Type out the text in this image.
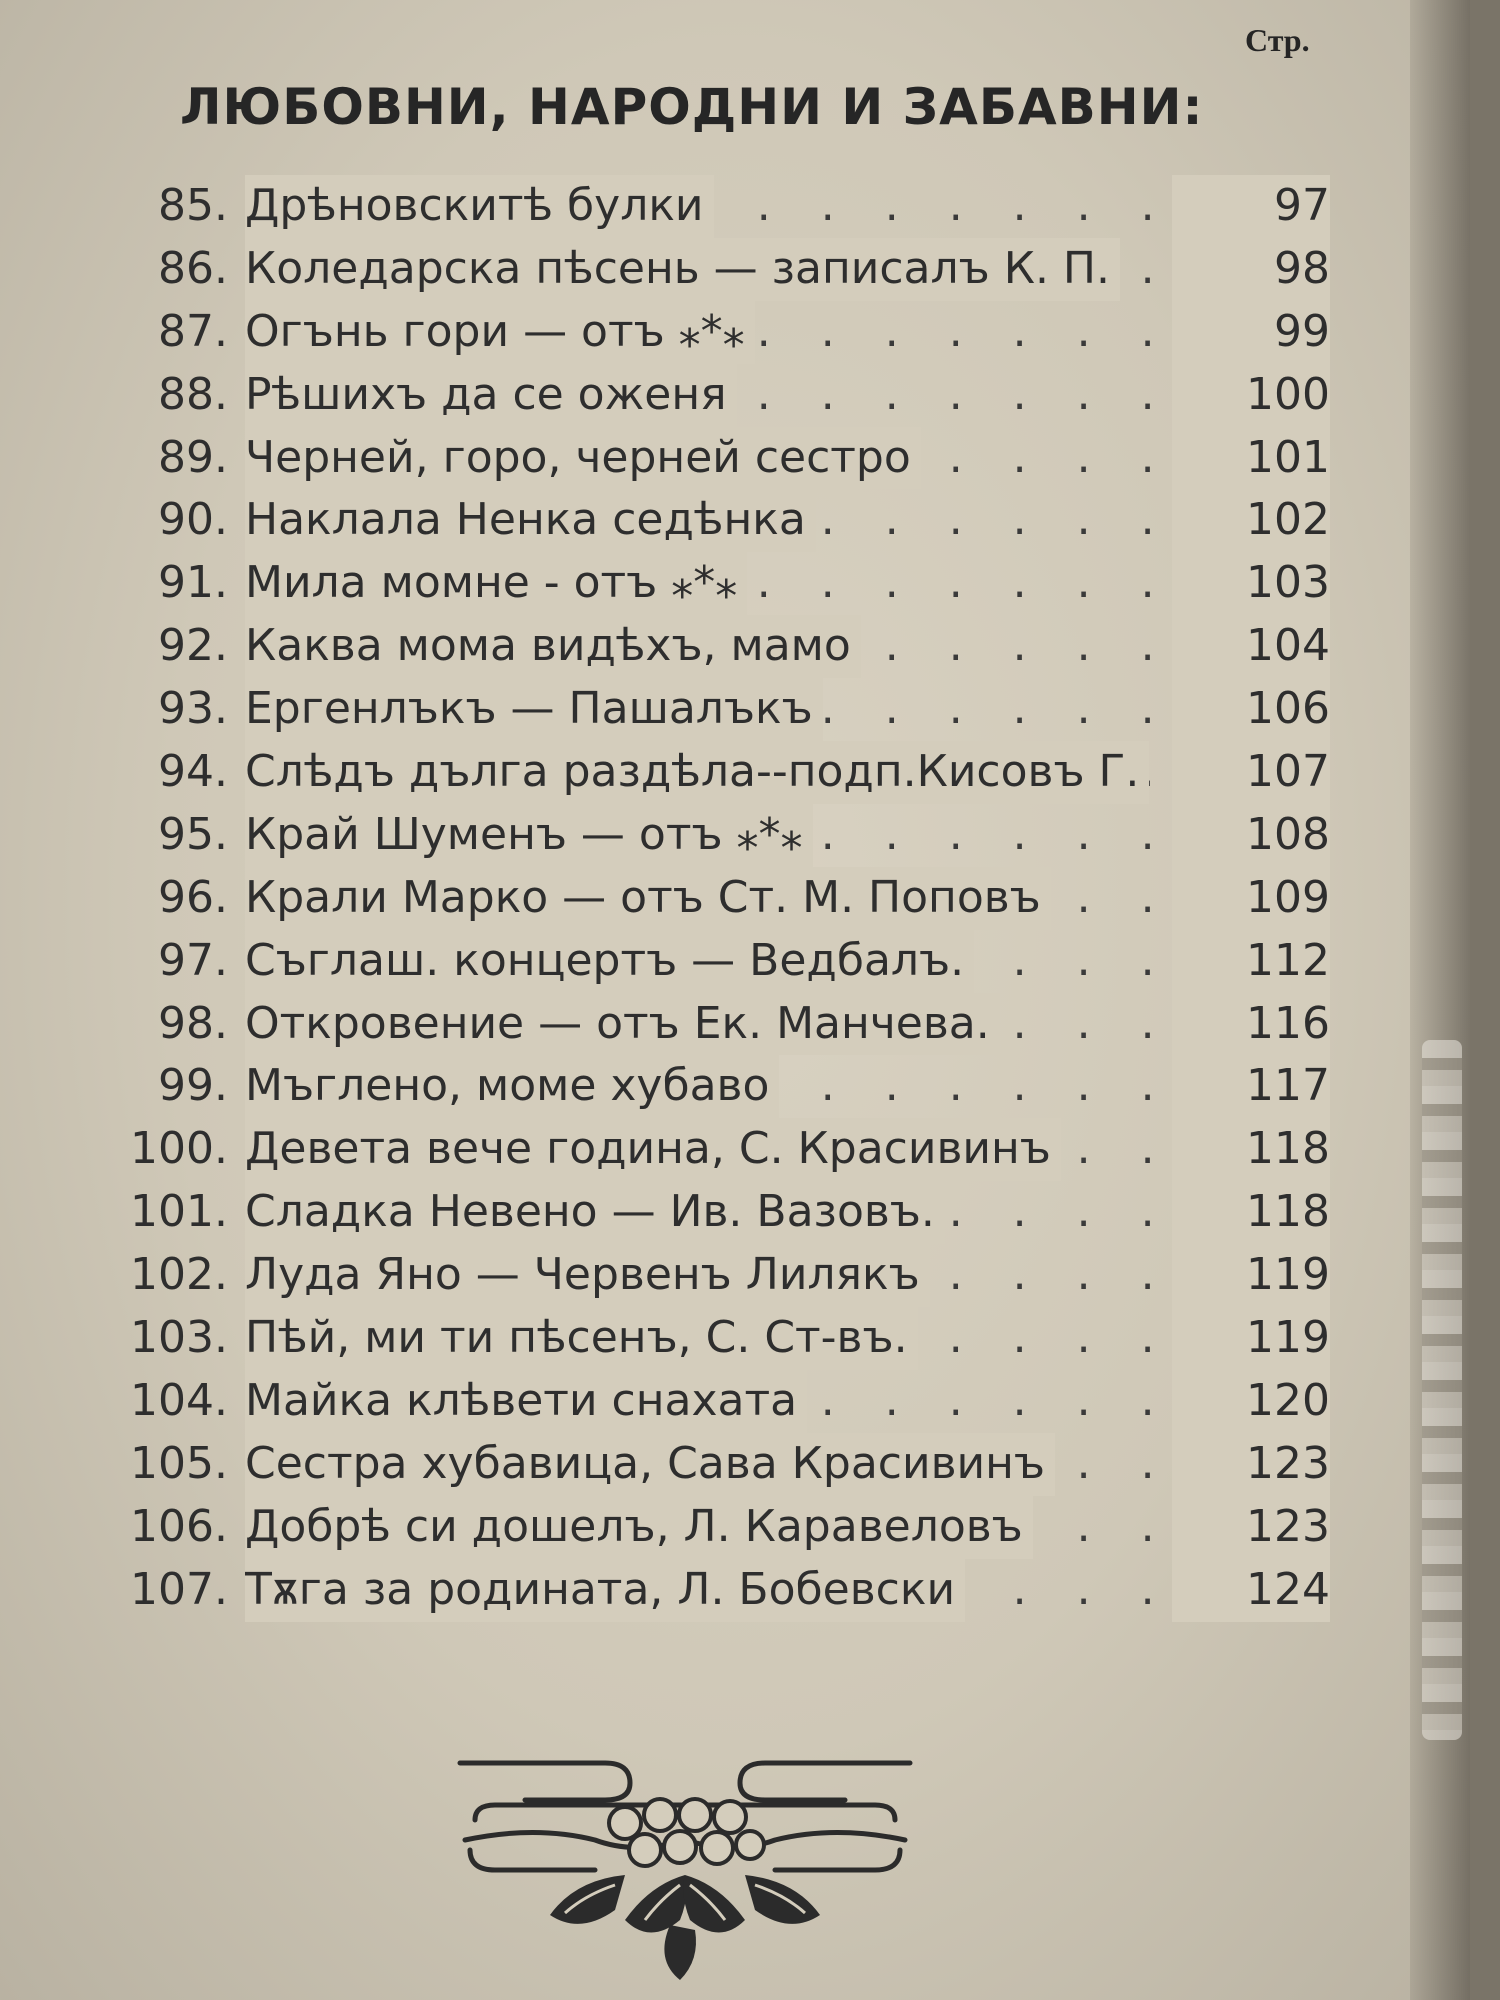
Стр.
ЛЮБОВНИ, НАРОДНИ И ЗАБАВНИ:
85. Дрѣновскитѣ булки . . .	97
86. Коледарска пѣсень — записалъ К. П. . . .	98
87. Огънь гори — отъ ⁎*⁎ . . .	99
88. Рѣшихъ да се оженя . . .	100
89. Черней, горо, черней сестро . . .	101
90. Наклала Ненка седѣнка . . .	102
91. Мила момне - отъ ⁎*⁎ . . .	103
92. Каква мома видѣхъ, мамо . . .	104
93. Ергенлъкъ — Пашалъкъ . . .	106
94. Слѣдъ дълга раздѣла--подп.Кисовъ Г. . . .	107
95. Край Шуменъ — отъ ⁎*⁎ . . .	108
96. Крали Марко — отъ Ст. М. Поповъ . . .	109
97. Съглаш. концертъ — Ведбалъ. . . .	112
98. Откровение — отъ Ек. Манчева. . . .	116
99. Мъглено, моме хубаво . . .	117
100. Девета вече година, С. Красивинъ . . .	118
101. Сладка Невено — Ив. Вазовъ. . . .	118
102. Луда Яно — Червенъ Лилякъ . . .	119
103. Пѣй, ми ти пѣсенъ, С. Ст-въ. . . .	119
104. Майка клѣвети снахата . . .	120
105. Сестра хубавица, Сава Красивинъ . . .	123
106. Добрѣ си дошелъ, Л. Каравеловъ . . .	123
107. Тѫга за родината, Л. Бобевски . . .	124
